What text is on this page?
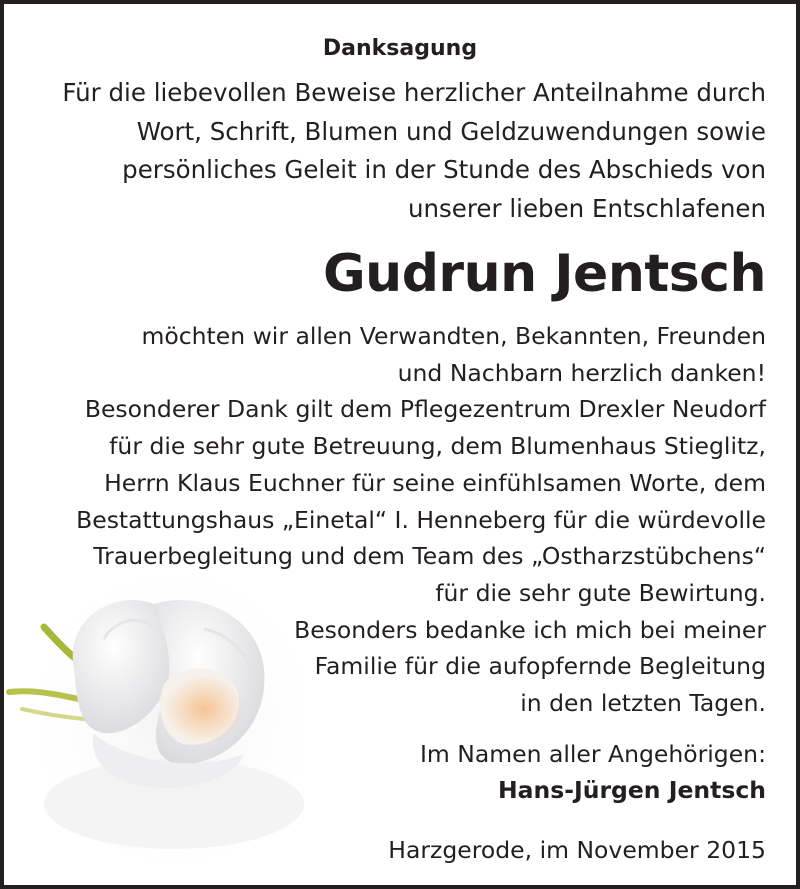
Danksagung
Für die liebevollen Beweise herzlicher Anteilnahme durch
Wort, Schrift, Blumen und Geldzuwendungen sowie
persönliches Geleit in der Stunde des Abschieds von
unserer lieben Entschlafenen
Gudrun Jentsch
möchten wir allen Verwandten, Bekannten, Freunden
und Nachbarn herzlich danken!
Besonderer Dank gilt dem Pflegezentrum Drexler Neudorf
für die sehr gute Betreuung, dem Blumenhaus Stieglitz,
Herrn Klaus Euchner für seine einfühlsamen Worte, dem
Bestattungshaus „Einetal“ I. Henneberg für die würdevolle
Trauerbegleitung und dem Team des „Ostharzstübchens“
für die sehr gute Bewirtung.
Besonders bedanke ich mich bei meiner
Familie für die aufopfernde Begleitung
in den letzten Tagen.
Im Namen aller Angehörigen:
Hans-Jürgen Jentsch
Harzgerode, im November 2015
